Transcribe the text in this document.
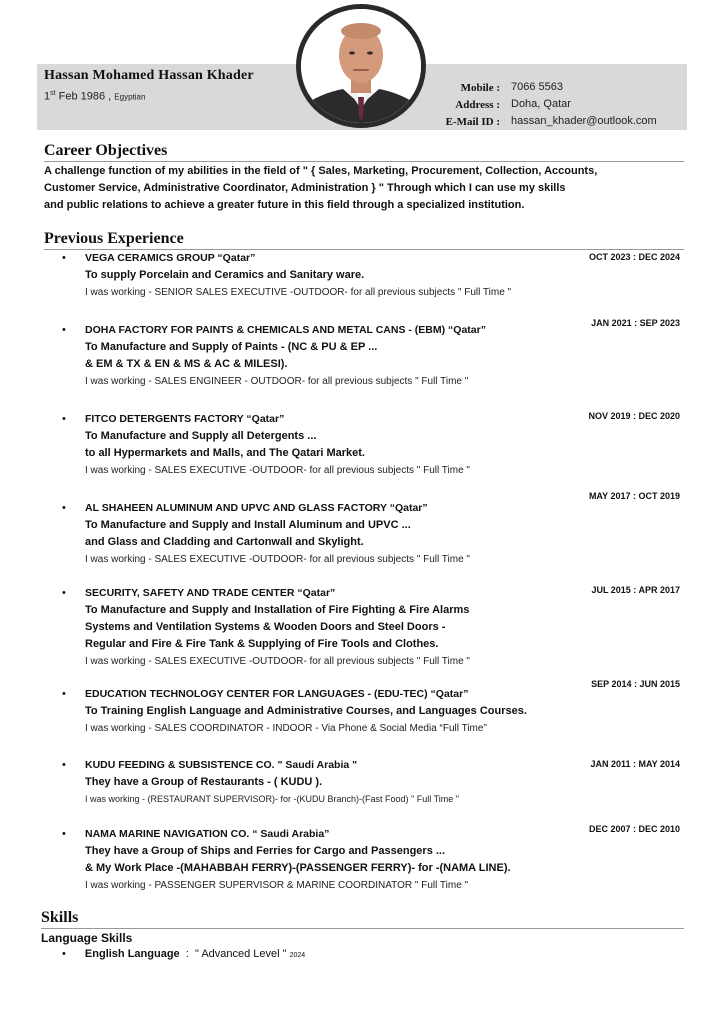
Hassan Mohamed Hassan Khader
1st Feb 1986 , Egyptian
Mobile :
Address :
E-Mail ID :
7066 5563
Doha, Qatar
hassan_khader@outlook.com
Career Objectives
A challenge function of my abilities in the field of " { Sales, Marketing, Procurement, Collection, Accounts,
Customer Service, Administrative Coordinator, Administration } " Through which I can use my skills
and public relations to achieve a greater future in this field through a specialized institution.
Previous Experience
• VEGA CERAMICS GROUP “Qatar”
To supply Porcelain and Ceramics and Sanitary ware.
I was working - SENIOR SALES EXECUTIVE -OUTDOOR- for all previous subjects " Full Time "
OCT 2023 : DEC 2024
• DOHA FACTORY FOR PAINTS & CHEMICALS AND METAL CANS - (EBM) “Qatar”
To Manufacture and Supply of Paints - (NC & PU & EP ...
& EM & TX & EN & MS & AC & MILESI).
I was working - SALES ENGINEER - OUTDOOR- for all previous subjects " Full Time "
JAN 2021 : SEP 2023
• FITCO DETERGENTS FACTORY “Qatar”
To Manufacture and Supply all Detergents ...
to all Hypermarkets and Malls, and The Qatari Market.
I was working - SALES EXECUTIVE -OUTDOOR- for all previous subjects " Full Time "
NOV 2019 : DEC 2020
• AL SHAHEEN ALUMINUM AND UPVC AND GLASS FACTORY “Qatar”
To Manufacture and Supply and Install Aluminum and UPVC ...
and Glass and Cladding and Cartonwall and Skylight.
I was working - SALES EXECUTIVE -OUTDOOR- for all previous subjects " Full Time "
MAY 2017 : OCT 2019
• SECURITY, SAFETY AND TRADE CENTER “Qatar”
To Manufacture and Supply and Installation of Fire Fighting & Fire Alarms
Systems and Ventilation Systems & Wooden Doors and Steel Doors -
Regular and Fire & Fire Tank & Supplying of Fire Tools and Clothes.
I was working - SALES EXECUTIVE -OUTDOOR- for all previous subjects " Full Time "
JUL 2015 : APR 2017
• EDUCATION TECHNOLOGY CENTER FOR LANGUAGES - (EDU-TEC) “Qatar”
To Training English Language and Administrative Courses, and Languages Courses.
I was working - SALES COORDINATOR - INDOOR - Via Phone & Social Media “Full Time”
SEP 2014 : JUN 2015
• KUDU FEEDING & SUBSISTENCE CO. " Saudi Arabia "
They have a Group of Restaurants - ( KUDU ).
I was working - (RESTAURANT SUPERVISOR)- for -(KUDU Branch)-(Fast Food) " Full Time "
JAN 2011 : MAY 2014
• NAMA MARINE NAVIGATION CO. “ Saudi Arabia”
They have a Group of Ships and Ferries for Cargo and Passengers ...
& My Work Place -(MAHABBAH FERRY)-(PASSENGER FERRY)- for -(NAMA LINE).
I was working - PASSENGER SUPERVISOR & MARINE COORDINATOR " Full Time "
DEC 2007 : DEC 2010
Skills
Language Skills
• English Language : " Advanced Level " 2024
